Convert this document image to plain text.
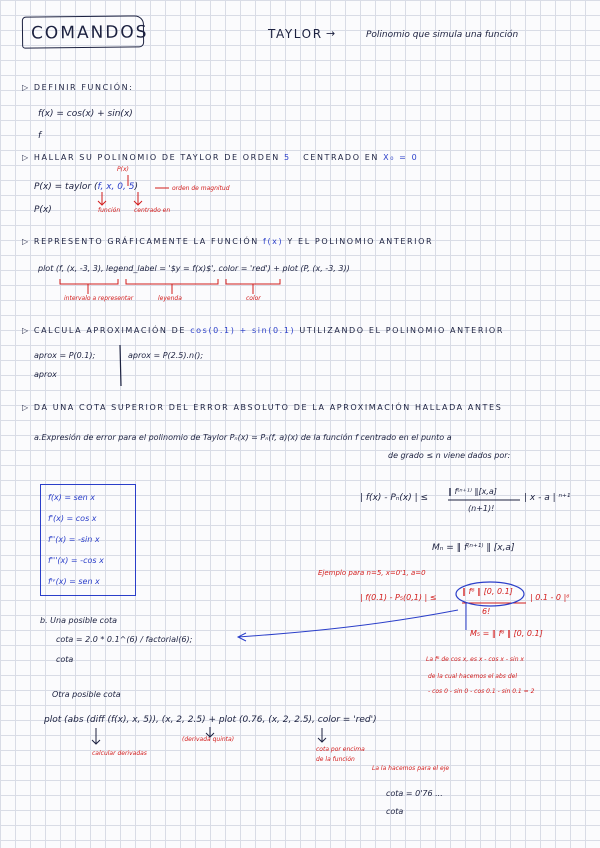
COMANDOS	TAYLOR →	Polinomio que simula una función
▷ DEFINIR FUNCIÓN:
f(x) = cos(x) + sin(x)
f
▷ HALLAR SU POLINOMIO DE TAYLOR DE ORDEN 5 CENTRADO EN X₀ = 0
P(x)
P(x) = taylor (f, x, 0, 5)	orden de magnitud
P(x)	función centrado en
▷ REPRESENTO GRÁFICAMENTE LA FUNCIÓN f(x) Y EL POLINOMIO ANTERIOR
plot (f, (x, -3, 3), legend_label = '$y = f(x)$', color = 'red') + plot (P, (x, -3, 3))
intervalo a representar	leyenda	color
▷ CALCULA APROXIMACIÓN DE cos(0.1) + sin(0.1) UTILIZANDO EL POLINOMIO ANTERIOR
aprox = P(0.1);
aprox
aprox = P(2.5).n();
▷ DA UNA COTA SUPERIOR DEL ERROR ABSOLUTO DE LA APROXIMACIÓN HALLADA ANTES
a.Expresión de error para el polinomio de Taylor Pₙ(x) = Pₙ(f, a)(x) de la función f centrado en el punto a
de grado ≤ n viene dados por:
f(x) = sen x
f'(x) = cos x
f''(x) = -sin x
f'''(x) = -cos x
fⁱᵛ(x) = sen x
| f(x) - Pₙ(x) | ≤
‖ f⁽ⁿ⁺¹⁾ ‖[x,a]
(n+1)!
| x - a | ⁿ⁺¹
Mₙ = ‖ f⁽ⁿ⁺¹⁾ ‖ [x,a]
Ejemplo para n=5, x=0'1, a=0
| f(0.1) - P₅(0,1) | ≤
‖ f⁶ ‖ [0, 0.1]
6!
| 0.1 - 0 |⁶
M₅ = ‖ f⁶ ‖ [0, 0.1]
b. Una posible cota
cota = 2.0 * 0.1^(6) / factorial(6);
cota	La f⁶ de cos x, es x - cos x - sin x
de la cual hacemos el abs del
- cos 0 - sin 0 - cos 0.1 - sin 0.1 = 2
Otra posible cota
plot (abs (diff (f(x), x, 5)), (x, 2, 2.5) + plot (0.76, (x, 2, 2.5), color = 'red')
calcular derivadas
(derivada quinta)
cota por encima
de la función
La la hacemos para el eje
cota = 0'76 ...
cota
